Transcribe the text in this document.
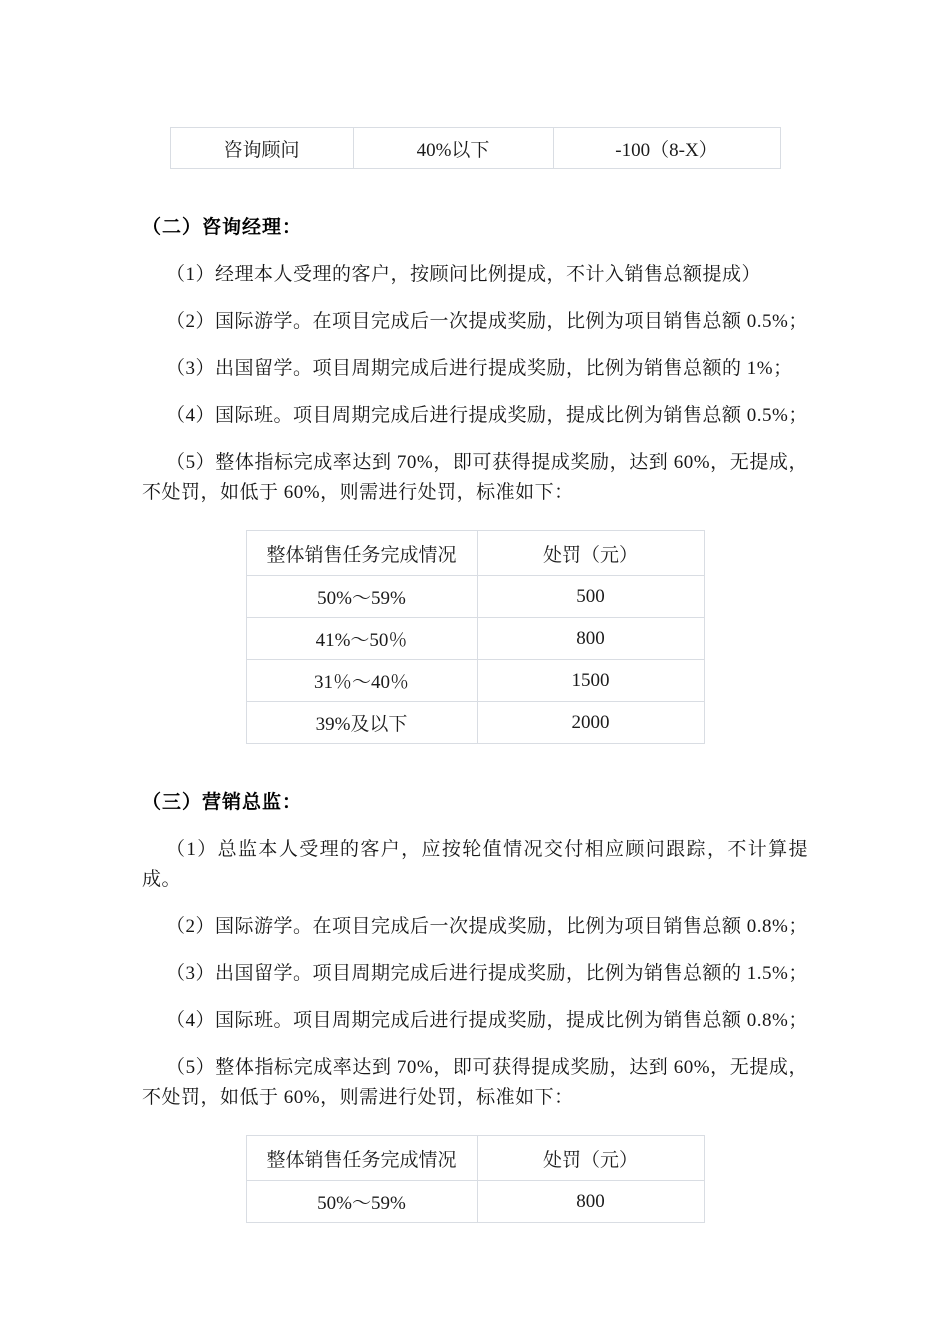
咨询顾问	40%以下	-100（8-X）
（二）咨询经理：

（1）经理本人受理的客户，按顾问比例提成，不计入销售总额提成）

（2）国际游学。在项目完成后一次提成奖励，比例为项目销售总额 0.5%；

（3）出国留学。项目周期完成后进行提成奖励，比例为销售总额的 1%；

（4）国际班。项目周期完成后进行提成奖励，提成比例为销售总额 0.5%；

（5）整体指标完成率达到 70%，即可获得提成奖励，达到 60%，无提成，不处罚，如低于 60%，则需进行处罚，标准如下：

整体销售任务完成情况	处罚（元）
50%～59%	500
41%～50％	800
31％～40％	1500
39%及以下	2000
（三）营销总监：

（1）总监本人受理的客户，应按轮值情况交付相应顾问跟踪，不计算提成。

（2）国际游学。在项目完成后一次提成奖励，比例为项目销售总额 0.8%；

（3）出国留学。项目周期完成后进行提成奖励，比例为销售总额的 1.5%；

（4）国际班。项目周期完成后进行提成奖励，提成比例为销售总额 0.8%；

（5）整体指标完成率达到 70%，即可获得提成奖励，达到 60%，无提成，不处罚，如低于 60%，则需进行处罚，标准如下：

整体销售任务完成情况	处罚（元）
50%～59%	800
